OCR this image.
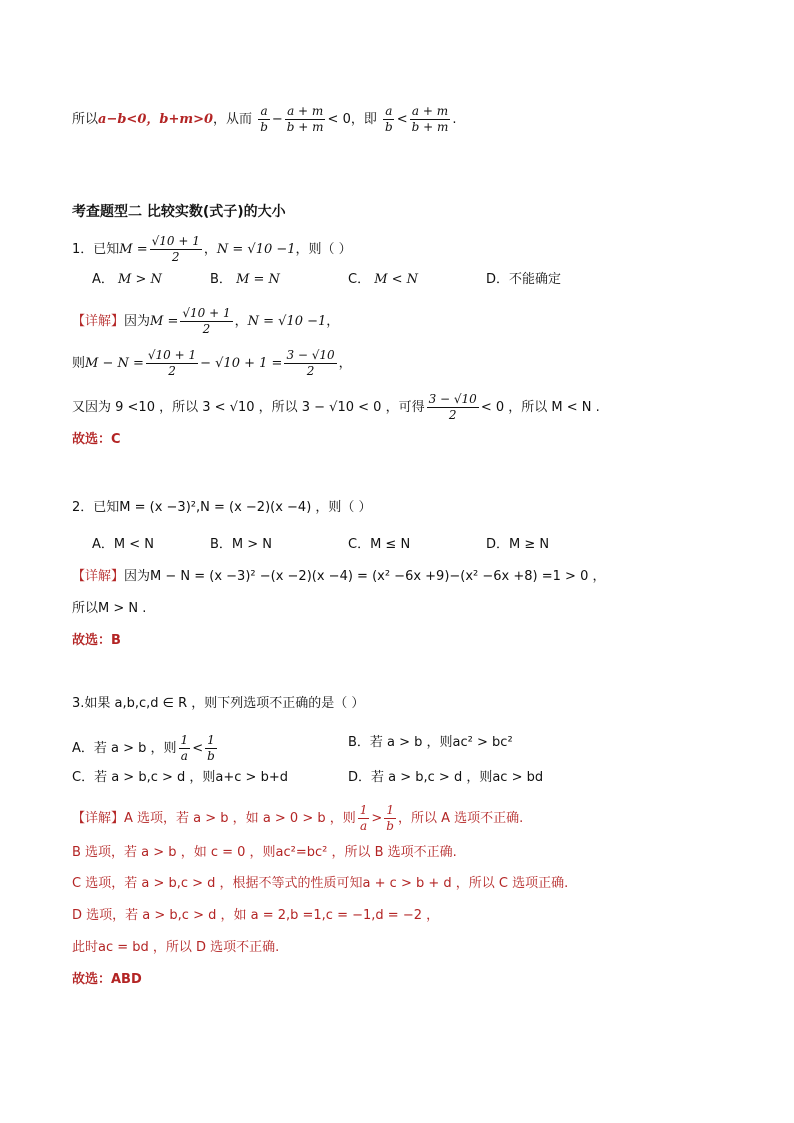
所以a−b<0，b+m>0，从而 $\frac{a}{b} - \frac{a + m}{b + m} < 0$，即 $\frac{a}{b} < \frac{a + m}{b + m}$ .
考查题型二 比较实数(式子)的大小
1．已知$M = \frac{√10 + 1}{2}$ ，N = √10 −1，则（ ）
A． M > N	B． M = N	C． M < N	D．不能确定
【详解】因为$M = \frac{√10 + 1}{2}$ ，N = √10 −1，
则$M - N = \frac{√10 + 1}{2} - √10 + 1 = \frac{3 - √10}{2}$ ，
又因为 9 <10 ，所以 3 < √10 ，所以 3 − √10 < 0 ，可得 $\frac{3 - √10}{2} < 0$ ，所以 M < N .
故选：C
2．已知M = (x −3)²,N = (x −2)(x −4) ，则（ ）
A．M < N	B．M > N	C．M ≤ N	D．M ≥ N
【详解】因为M − N = (x −3)² −(x −2)(x −4) = (x² −6x +9)−(x² −6x +8) =1 > 0 ，
所以M > N .
故选：B
3.如果 a,b,c,d ∈ R ，则下列选项不正确的是（ ）
A．若 a > b ，则 $\frac{1}{a} < \frac{1}{b}$	B．若 a > b ，则ac² > bc²
C．若 a > b,c > d ，则a+c > b+d	D．若 a > b,c > d ，则ac > bd
【详解】A 选项，若 a > b ，如 a > 0 > b ，则 $\frac{1}{a} > \frac{1}{b}$ ，所以 A 选项不正确.
B 选项，若 a > b ，如 c = 0 ，则ac²=bc² ，所以 B 选项不正确.
C 选项，若 a > b,c > d ，根据不等式的性质可知a + c > b + d ，所以 C 选项正确.
D 选项，若 a > b,c > d ，如 a = 2,b =1,c = −1,d = −2 ，
此时ac = bd ，所以 D 选项不正确.
故选：ABD
